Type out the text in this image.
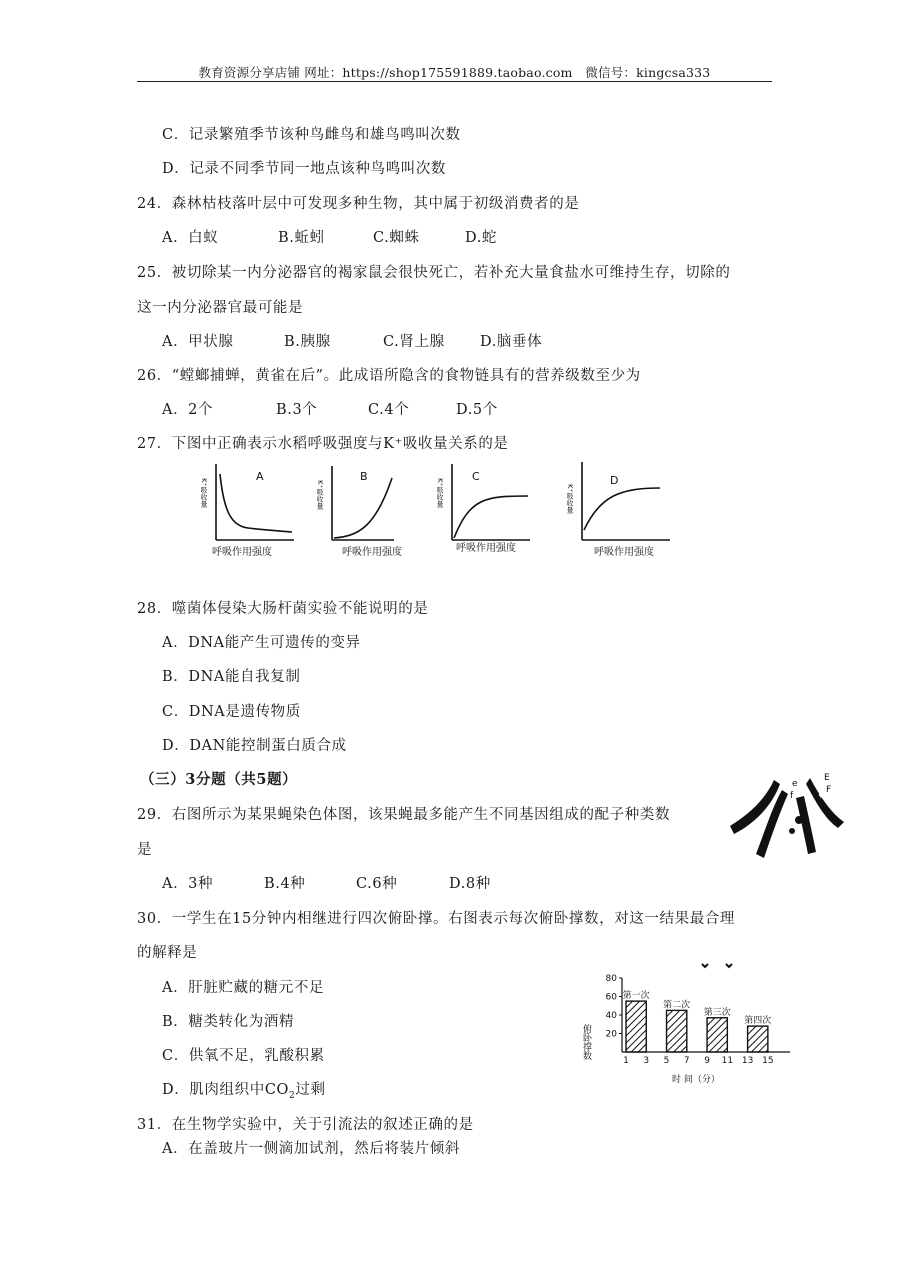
教育资源分享店铺 网址：https://shop175591889.taobao.com　微信号：kingcsa333
C．记录繁殖季节该种鸟雌鸟和雄鸟鸣叫次数
D．记录不同季节同一地点该种鸟鸣叫次数
24．森林枯枝落叶层中可发现多种生物，其中属于初级消费者的是
A．白蚁	B.蚯蚓	C.蜘蛛	D.蛇
25．被切除某一内分泌器官的褐家鼠会很快死亡，若补充大量食盐水可维持生存，切除的
这一内分泌器官最可能是
A．甲状腺	B.胰腺	C.肾上腺 D.脑垂体
26．“螳螂捕蝉，黄雀在后”。此成语所隐含的食物链具有的营养级数至少为
A．2个	B.3个	C.4个	D.5个
27．下图中正确表示水稻呼吸强度与K⁺吸收量关系的是
A	B	C	D
K⁺吸收量	K⁺吸收量	K⁺吸收量	K⁺吸收量
呼吸作用强度	呼吸作用强度	呼吸作用强度	呼吸作用强度
28．噬菌体侵染大肠杆菌实验不能说明的是
A．DNA能产生可遗传的变异
B．DNA能自我复制
C．DNA是遗传物质
D．DAN能控制蛋白质合成
（三）3分题（共5题）
29．右图所示为某果蝇染色体图，该果蝇最多能产生不同基因组成的配子种类数
是
e
f
h
E
F
A．3种	B.4种	C.6种	D.8种
30．一学生在15分钟内相继进行四次俯卧撑。右图表示每次俯卧撑数，对这一结果最合理
的解释是
A．肝脏贮藏的糖元不足
B．糖类转化为酒精
C．供氧不足，乳酸积累
D．肌肉组织中$CO_2$过剩
20
40
60
80
1 3 5 7 9 11 13 15
第一次
第二次
第三次
第四次
俯卧撑数
时 间（分）
31．在生物学实验中，关于引流法的叙述正确的是
A．在盖玻片一侧滴加试剂，然后将装片倾斜
